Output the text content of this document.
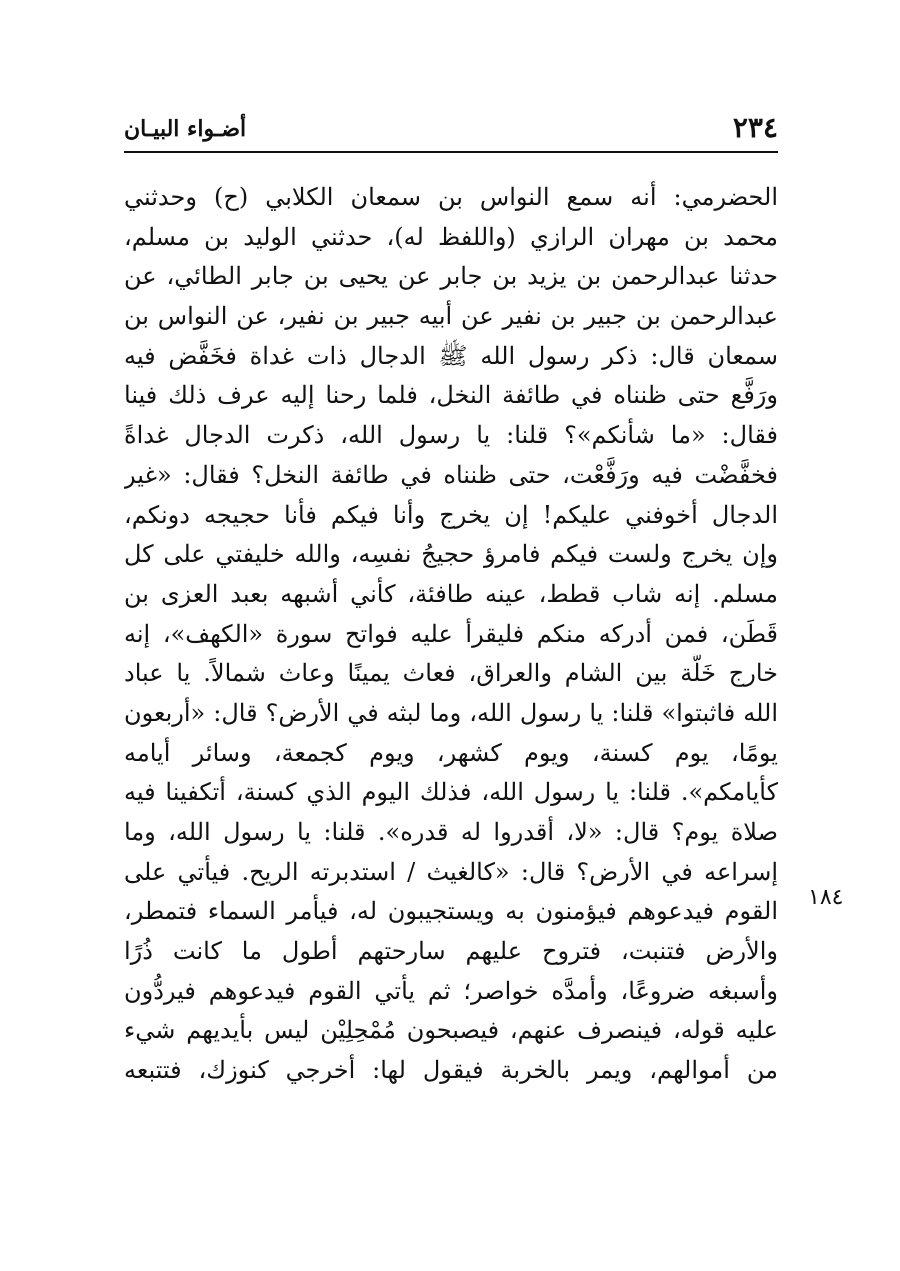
٢٣٤
أضـواء البيـان
الحضرمي: أنه سمع النواس بن سمعان الكلابي (ح) وحدثني
محمد بن مهران الرازي (واللفظ له)، حدثني الوليد بن مسلم،
حدثنا عبدالرحمن بن يزيد بن جابر عن يحيى بن جابر الطائي، عن
عبدالرحمن بن جبير بن نفير عن أبيه جبير بن نفير، عن النواس بن
سمعان قال: ذكر رسول الله ﷺ الدجال ذات غداة فخَفَّض فيه
ورَفَّع حتى ظنناه في طائفة النخل، فلما رحنا إليه عرف ذلك فينا
فقال: «ما شأنكم»؟ قلنا: يا رسول الله، ذكرت الدجال غداةً
فخفَّضْت فيه ورَفَّعْت، حتى ظنناه في طائفة النخل؟ فقال: «غير
الدجال أخوفني عليكم! إن يخرج وأنا فيكم فأنا حجيجه دونكم،
وإن يخرج ولست فيكم فامرؤ حجيجُ نفسِه، والله خليفتي على كل
مسلم. إنه شاب قطط، عينه طافئة، كأني أشبهه بعبد العزى بن
قَطَن، فمن أدركه منكم فليقرأ عليه فواتح سورة «الكهف»، إنه
خارج خَلَّة بين الشام والعراق، فعاث يمينًا وعاث شمالاً. يا عباد
الله فاثبتوا» قلنا: يا رسول الله، وما لبثه في الأرض؟ قال: «أربعون
يومًا، يوم كسنة، ويوم كشهر، ويوم كجمعة، وسائر أيامه
كأيامكم». قلنا: يا رسول الله، فذلك اليوم الذي كسنة، أتكفينا فيه
صلاة يوم؟ قال: «لا، أقدروا له قدره». قلنا: يا رسول الله، وما
إسراعه في الأرض؟ قال: «كالغيث / استدبرته الريح. فيأتي على
القوم فيدعوهم فيؤمنون به ويستجيبون له، فيأمر السماء فتمطر،
والأرض فتنبت، فتروح عليهم سارحتهم أطول ما كانت ذُرًا
وأسبغه ضروعًا، وأمدَّه خواصر؛ ثم يأتي القوم فيدعوهم فيردُّون
عليه قوله، فينصرف عنهم، فيصبحون مُمْحِلِيْن ليس بأيديهم شيء
من أموالهم، ويمر بالخربة فيقول لها: أخرجي كنوزك، فتتبعه
١٨٤
